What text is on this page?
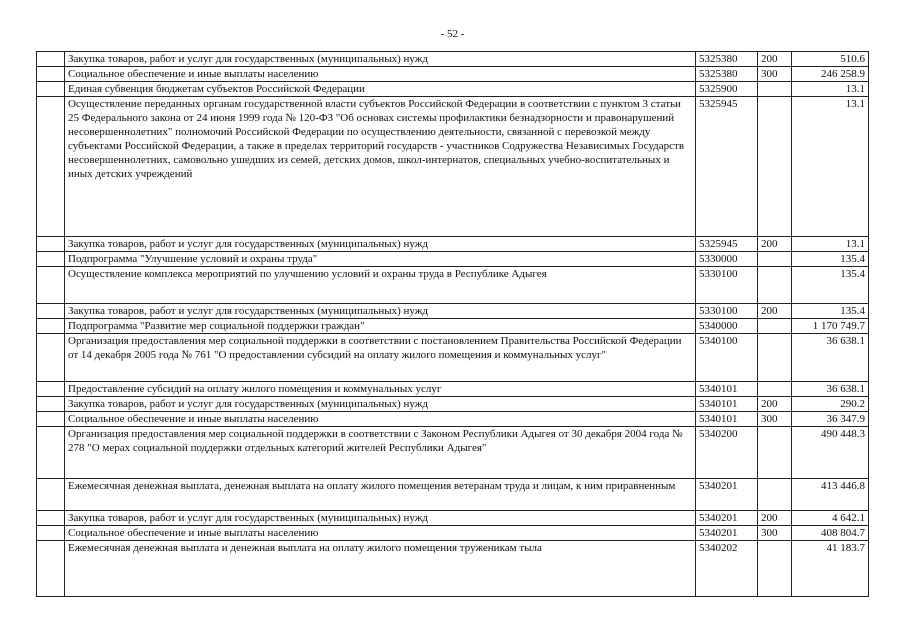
- 52 -
	Закупка товаров, работ и услуг для государственных (муниципальных) нужд	5325380	200	510.6
	Социальное обеспечение и иные выплаты населению	5325380	300	246 258.9
	Единая субвенция бюджетам субъектов Российской Федерации	5325900		13.1
	Осуществление переданных органам государственной власти субъектов Российской Федерации в соответствии с пунктом 3 статьи 25 Федерального закона от 24 июня 1999 года № 120-ФЗ "Об основах системы профилактики безнадзорности и правонарушений несовершеннолетних" полномочий Российской Федерации по осуществлению деятельности, связанной с перевозкой между субъектами Российской Федерации, а также в пределах территорий государств - участников Содружества Независимых Государств несовершеннолетних, самовольно ушедших из семей, детских домов, школ-интернатов, специальных учебно-воспитательных и иных детских учреждений	5325945		13.1
	Закупка товаров, работ и услуг для государственных (муниципальных) нужд	5325945	200	13.1
	Подпрограмма "Улучшение условий и охраны труда"	5330000		135.4
	Осуществление комплекса мероприятий по улучшению условий и охраны труда в Республике Адыгея	5330100		135.4
	Закупка товаров, работ и услуг для государственных (муниципальных) нужд	5330100	200	135.4
	Подпрограмма "Развитие мер социальной поддержки граждан"	5340000		1 170 749.7
	Организация предоставления мер социальной поддержки в соответствии с постановлением Правительства Российской Федерации от 14 декабря 2005 года № 761 "О предоставлении субсидий на оплату жилого помещения и коммунальных услуг"	5340100		36 638.1
	Предоставление субсидий на оплату жилого помещения и коммунальных услуг	5340101		36 638.1
	Закупка товаров, работ и услуг для государственных (муниципальных) нужд	5340101	200	290.2
	Социальное обеспечение и иные выплаты населению	5340101	300	36 347.9
	Организация предоставления мер социальной поддержки в соответствии с Законом Республики Адыгея от 30 декабря 2004 года № 278 "О мерах социальной поддержки отдельных категорий жителей Республики Адыгея"	5340200		490 448.3
	Ежемесячная денежная выплата, денежная выплата на оплату жилого помещения ветеранам труда и лицам, к ним приравненным	5340201		413 446.8
	Закупка товаров, работ и услуг для государственных (муниципальных) нужд	5340201	200	4 642.1
	Социальное обеспечение и иные выплаты населению	5340201	300	408 804.7
	Ежемесячная денежная выплата и денежная выплата на оплату жилого помещения труженикам тыла	5340202		41 183.7
